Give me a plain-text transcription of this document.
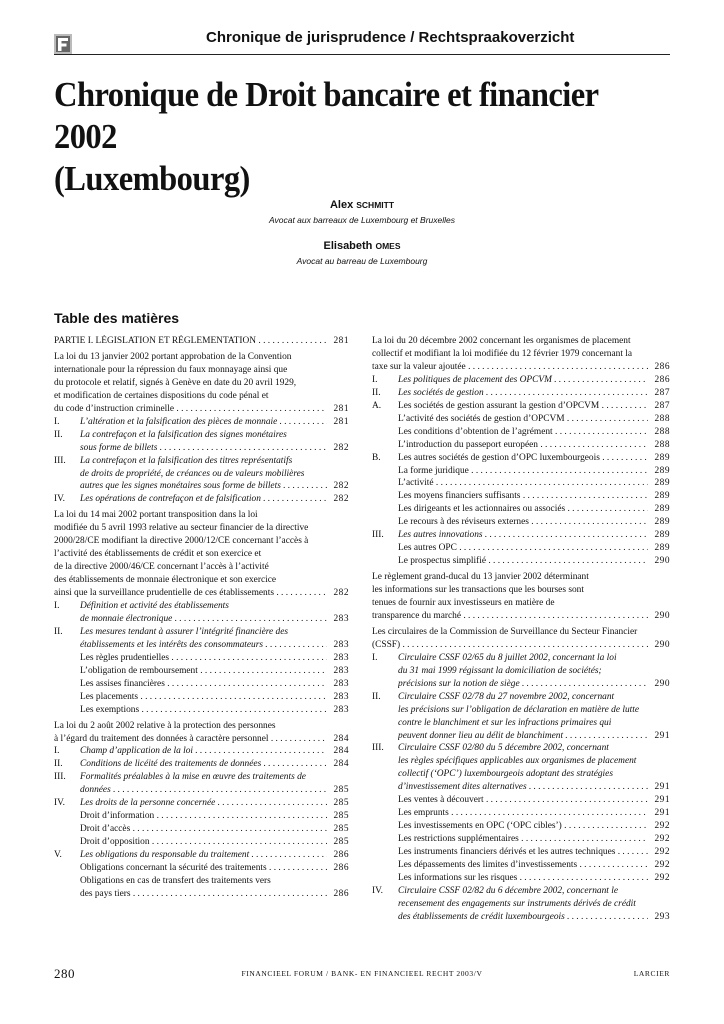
Chronique de jurisprudence / Rechtspraakoverzicht
Chronique de Droit bancaire et financier 2002
(Luxembourg)
Alex SCHMITT
Avocat aux barreaux de Luxembourg et Bruxelles
Elisabeth OMES
Avocat au barreau de Luxembourg
Table des matières
PARTIE I. LÉGISLATION ET RÉGLEMENTATION . . .	281
La loi du 13 janvier 2002 portant approbation de la Convention
internationale pour la répression du faux monnayage ainsi que
du protocole et relatif, signés à Genève en date du 20 avril 1929,
et modification de certaines dispositions du code pénal et
du code d’instruction criminelle . . .	281
I. L’altération et la falsification des pièces de monnaie . . .	281
II. La contrefaçon et la falsification des signes monétaires
sous forme de billets . . .	282
III. La contrefaçon et la falsification des titres représentatifs
de droits de propriété, de créances ou de valeurs mobilières
autres que les signes monétaires sous forme de billets . . .	282
IV. Les opérations de contrefaçon et de falsification . . .	282
La loi du 14 mai 2002 portant transposition dans la loi
modifiée du 5 avril 1993 relative au secteur financier de la directive
2000/28/CE modifiant la directive 2000/12/CE concernant l’accès à
l’activité des établissements de crédit et son exercice et
de la directive 2000/46/CE concernant l’accès à l’activité
des établissements de monnaie électronique et son exercice
ainsi que la surveillance prudentielle de ces établissements . . .	282
I. Définition et activité des établissements
de monnaie électronique . . .	283
II. Les mesures tendant à assurer l’intégrité financière des
établissements et les intérêts des consommateurs . . .	283
Les règles prudentielles . . .	283
L’obligation de remboursement . . .	283
Les assises financières . . .	283
Les placements . . .	283
Les exemptions . . .	283
La loi du 2 août 2002 relative à la protection des personnes
à l’égard du traitement des données à caractère personnel . . .	284
I. Champ d’application de la loi . . .	284
II. Conditions de licéité des traitements de données . . .	284
III. Formalités préalables à la mise en œuvre des traitements de
données . . .	285
IV. Les droits de la personne concernée . . .	285
Droit d’information . . .	285
Droit d’accès . . .	285
Droit d’opposition . . .	285
V. Les obligations du responsable du traitement . . .	286
Obligations concernant la sécurité des traitements . . .	286
Obligations en cas de transfert des traitements vers
des pays tiers . . .	286
La loi du 20 décembre 2002 concernant les organismes de placement
collectif et modifiant la loi modifiée du 12 février 1979 concernant la
taxe sur la valeur ajoutée . . .	286
I. Les politiques de placement des OPCVM . . .	286
II. Les sociétés de gestion . . .	287
A. Les sociétés de gestion assurant la gestion d’OPCVM . . .	287
L’activité des sociétés de gestion d’OPCVM . . .	288
Les conditions d’obtention de l’agrément . . .	288
L’introduction du passeport européen . . .	288
B. Les autres sociétés de gestion d’OPC luxembourgeois . . .	289
La forme juridique . . .	289
L’activité . . .	289
Les moyens financiers suffisants . . .	289
Les dirigeants et les actionnaires ou associés . . .	289
Le recours à des réviseurs externes . . .	289
III. Les autres innovations . . .	289
Les autres OPC . . .	289
Le prospectus simplifié . . .	290
Le règlement grand-ducal du 13 janvier 2002 déterminant
les informations sur les transactions que les bourses sont
tenues de fournir aux investisseurs en matière de
transparence du marché . . .	290
Les circulaires de la Commission de Surveillance du Secteur Financier
(CSSF) . . .	290
I. Circulaire CSSF 02/65 du 8 juillet 2002, concernant la loi
du 31 mai 1999 régissant la domiciliation de sociétés;
précisions sur la notion de siège . . .	290
II. Circulaire CSSF 02/78 du 27 novembre 2002, concernant
les précisions sur l’obligation de déclaration en matière de lutte
contre le blanchiment et sur les infractions primaires qui
peuvent donner lieu au délit de blanchiment . . .	291
III. Circulaire CSSF 02/80 du 5 décembre 2002, concernant
les règles spécifiques applicables aux organismes de placement
collectif (‘OPC’) luxembourgeois adoptant des stratégies
d’investissement dites alternatives . . .	291
Les ventes à découvert . . .	291
Les emprunts . . .	291
Les investissements en OPC (‘OPC cibles’) . . .	292
Les restrictions supplémentaires . . .	292
Les instruments financiers dérivés et les autres techniques . . .	292
Les dépassements des limites d’investissements . . .	292
Les informations sur les risques . . .	292
IV. Circulaire CSSF 02/82 du 6 décembre 2002, concernant le
recensement des engagements sur instruments dérivés de crédit
des établissements de crédit luxembourgeois . . .	293
280	FINANCIEEL FORUM / BANK- EN FINANCIEEL RECHT 2003/V	LARCIER
